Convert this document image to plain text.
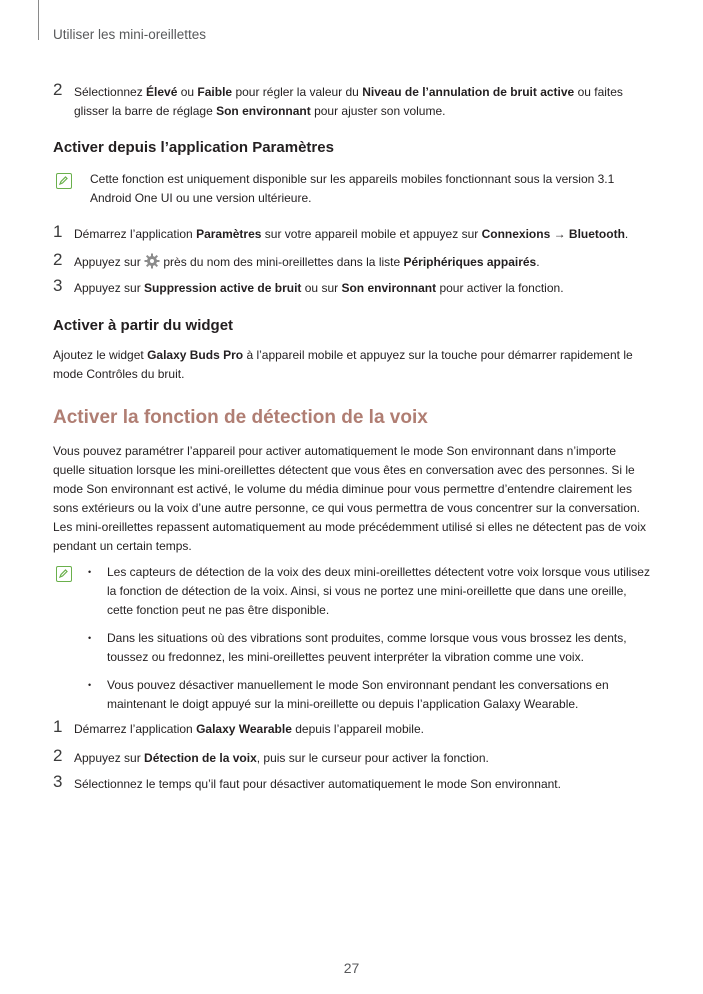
Utiliser les mini-oreillettes
2 Sélectionnez Élevé ou Faible pour régler la valeur du Niveau de l’annulation de bruit active ou faites glisser la barre de réglage Son environnant pour ajuster son volume.
Activer depuis l’application Paramètres
Cette fonction est uniquement disponible sur les appareils mobiles fonctionnant sous la version 3.1 Android One UI ou une version ultérieure.
1 Démarrez l’application Paramètres sur votre appareil mobile et appuyez sur Connexions → Bluetooth.
2 Appuyez sur  près du nom des mini-oreillettes dans la liste Périphériques appairés.
3 Appuyez sur Suppression active de bruit ou sur Son environnant pour activer la fonction.
Activer à partir du widget
Ajoutez le widget Galaxy Buds Pro à l’appareil mobile et appuyez sur la touche pour démarrer rapidement le mode Contrôles du bruit.
Activer la fonction de détection de la voix
Vous pouvez paramétrer l’appareil pour activer automatiquement le mode Son environnant dans n’importe quelle situation lorsque les mini-oreillettes détectent que vous êtes en conversation avec des personnes. Si le mode Son environnant est activé, le volume du média diminue pour vous permettre d’entendre clairement les sons extérieurs ou la voix d’une autre personne, ce qui vous permettra de vous concentrer sur la conversation. Les mini-oreillettes repassent automatiquement au mode précédemment utilisé si elles ne détectent pas de voix pendant un certain temps.
• Les capteurs de détection de la voix des deux mini-oreillettes détectent votre voix lorsque vous utilisez la fonction de détection de la voix. Ainsi, si vous ne portez une mini-oreillette que dans une oreille, cette fonction peut ne pas être disponible.
• Dans les situations où des vibrations sont produites, comme lorsque vous vous brossez les dents, toussez ou fredonnez, les mini-oreillettes peuvent interpréter la vibration comme une voix.
• Vous pouvez désactiver manuellement le mode Son environnant pendant les conversations en maintenant le doigt appuyé sur la mini-oreillette ou depuis l’application Galaxy Wearable.
1 Démarrez l’application Galaxy Wearable depuis l’appareil mobile.
2 Appuyez sur Détection de la voix, puis sur le curseur pour activer la fonction.
3 Sélectionnez le temps qu’il faut pour désactiver automatiquement le mode Son environnant.
27
